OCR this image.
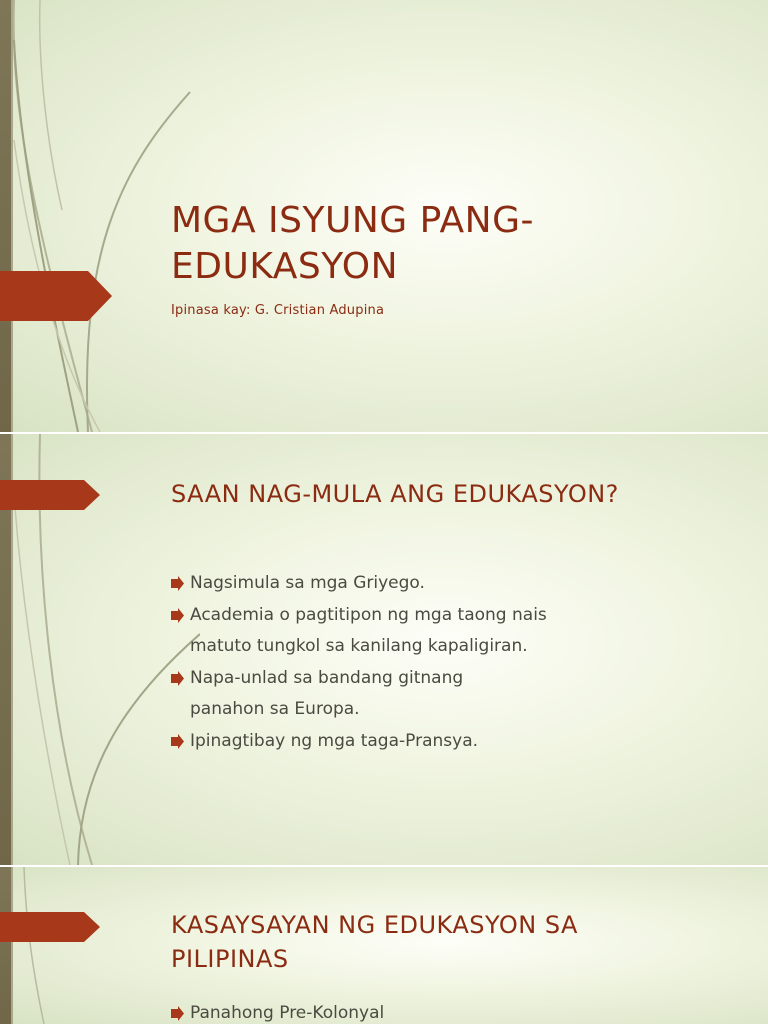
MGA ISYUNG PANG-EDUKASYON
Ipinasa kay: G. Cristian Adupina
SAAN NAG-MULA ANG EDUKASYON?
Nagsimula sa mga Griyego.
Academia o pagtitipon ng mga taong nais matuto tungkol sa kanilang kapaligiran.
Napa-unlad sa bandang gitnang panahon sa Europa.
Ipinagtibay ng mga taga-Pransya.
KASAYSAYAN NG EDUKASYON SA PILIPINAS
Panahong Pre-Kolonyal
